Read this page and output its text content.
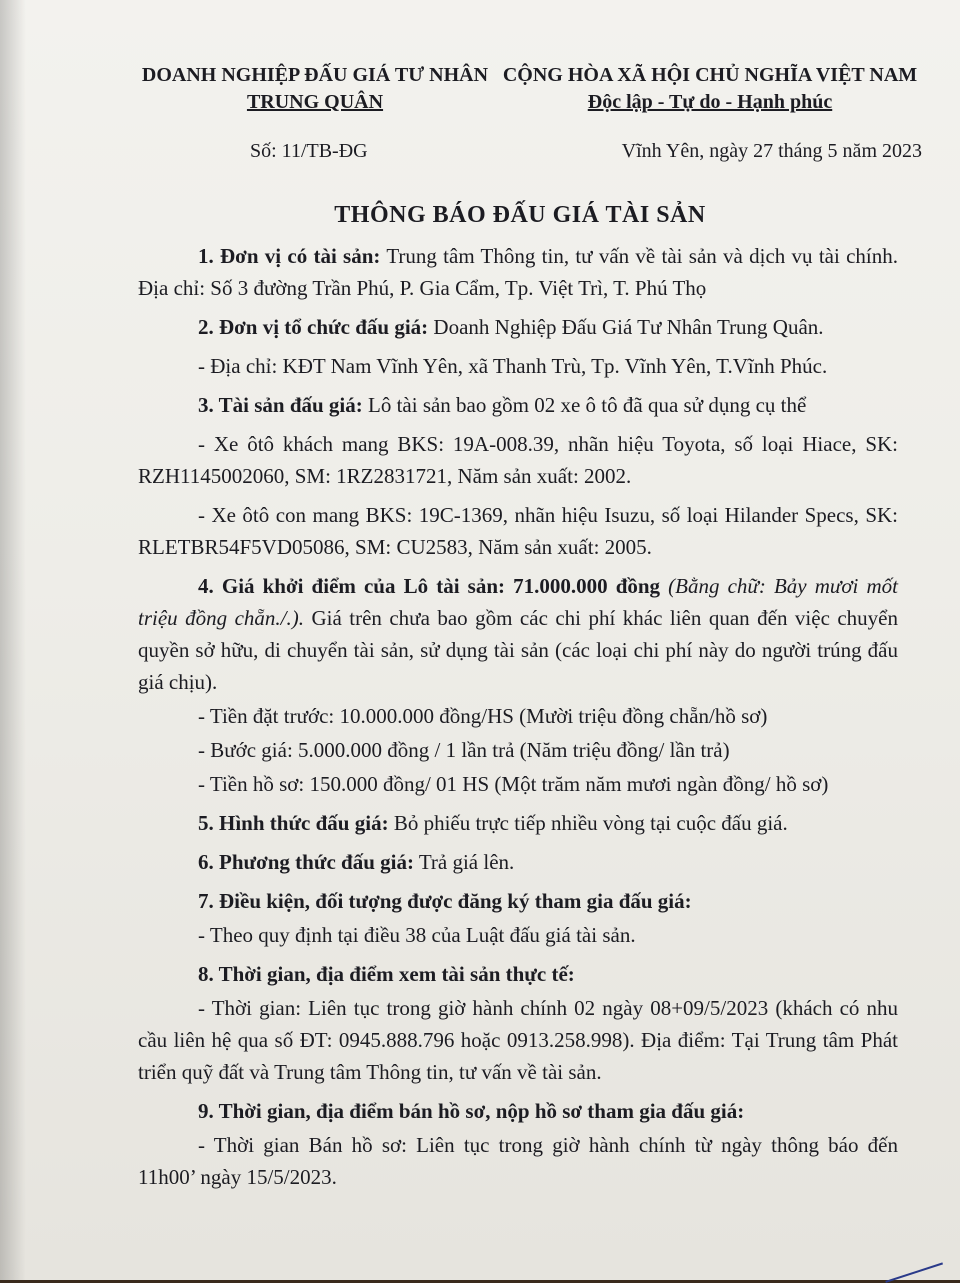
DOANH NGHIỆP ĐẤU GIÁ TƯ NHÂN
TRUNG QUÂN
CỘNG HÒA XÃ HỘI CHỦ NGHĨA VIỆT NAM
Độc lập - Tự do - Hạnh phúc
Số: 11/TB-ĐG	Vĩnh Yên, ngày 27 tháng 5 năm 2023
THÔNG BÁO ĐẤU GIÁ TÀI SẢN

1. Đơn vị có tài sản: Trung tâm Thông tin, tư vấn về tài sản và dịch vụ tài chính. Địa chỉ: Số 3 đường Trần Phú, P. Gia Cẩm, Tp. Việt Trì, T. Phú Thọ

2. Đơn vị tổ chức đấu giá: Doanh Nghiệp Đấu Giá Tư Nhân Trung Quân.

- Địa chỉ: KĐT Nam Vĩnh Yên, xã Thanh Trù, Tp. Vĩnh Yên, T.Vĩnh Phúc.

3. Tài sản đấu giá: Lô tài sản bao gồm 02 xe ô tô đã qua sử dụng cụ thể

- Xe ôtô khách mang BKS: 19A-008.39, nhãn hiệu Toyota, số loại Hiace, SK: RZH1145002060, SM: 1RZ2831721, Năm sản xuất: 2002.

- Xe ôtô con mang BKS: 19C-1369, nhãn hiệu Isuzu, số loại Hilander Specs, SK: RLETBR54F5VD05086, SM: CU2583, Năm sản xuất: 2005.

4. Giá khởi điểm của Lô tài sản: 71.000.000 đồng (Bằng chữ: Bảy mươi mốt triệu đồng chẵn./.). Giá trên chưa bao gồm các chi phí khác liên quan đến việc chuyển quyền sở hữu, di chuyển tài sản, sử dụng tài sản (các loại chi phí này do người trúng đấu giá chịu).

- Tiền đặt trước: 10.000.000 đồng/HS (Mười triệu đồng chẵn/hồ sơ)

- Bước giá: 5.000.000 đồng / 1 lần trả (Năm triệu đồng/ lần trả)

- Tiền hồ sơ: 150.000 đồng/ 01 HS (Một trăm năm mươi ngàn đồng/ hồ sơ)

5. Hình thức đấu giá: Bỏ phiếu trực tiếp nhiều vòng tại cuộc đấu giá.

6. Phương thức đấu giá: Trả giá lên.

7. Điều kiện, đối tượng được đăng ký tham gia đấu giá:

- Theo quy định tại điều 38 của Luật đấu giá tài sản.

8. Thời gian, địa điểm xem tài sản thực tế:

- Thời gian: Liên tục trong giờ hành chính 02 ngày 08+09/5/2023 (khách có nhu cầu liên hệ qua số ĐT: 0945.888.796 hoặc 0913.258.998). Địa điểm: Tại Trung tâm Phát triển quỹ đất và Trung tâm Thông tin, tư vấn về tài sản.

9. Thời gian, địa điểm bán hồ sơ, nộp hồ sơ tham gia đấu giá:

- Thời gian Bán hồ sơ: Liên tục trong giờ hành chính từ ngày thông báo đến 11h00’ ngày 15/5/2023.
